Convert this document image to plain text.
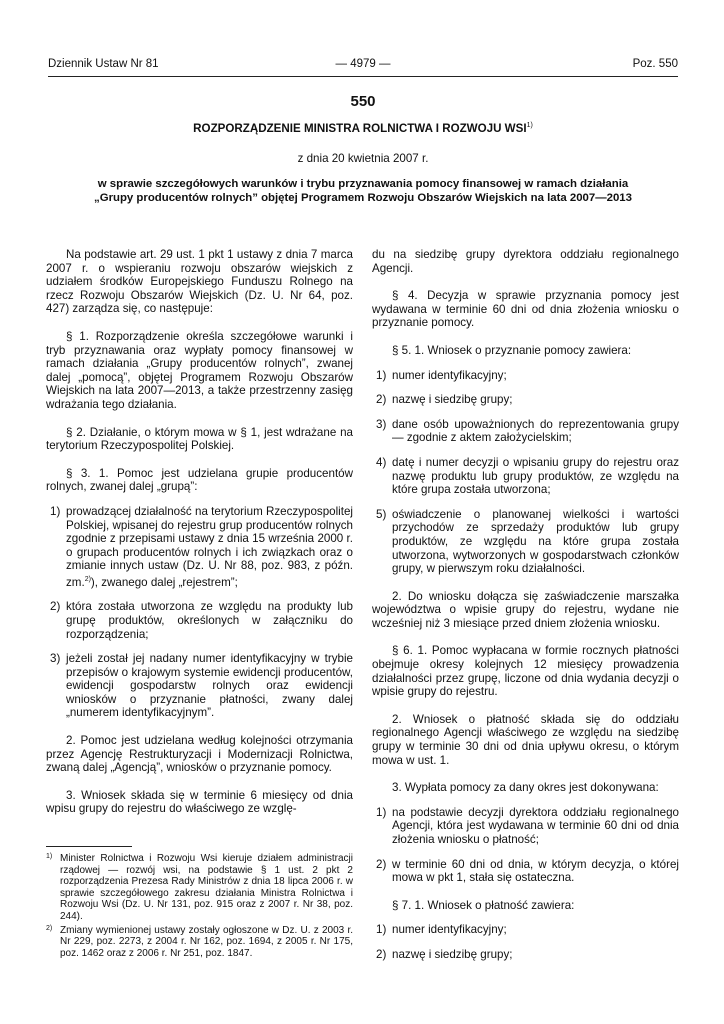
Dziennik Ustaw Nr 81	— 4979 —	Poz. 550
550
ROZPORZĄDZENIE MINISTRA ROLNICTWA I ROZWOJU WSI$^{1)}$
z dnia 20 kwietnia 2007 r.
w sprawie szczegółowych warunków i trybu przyznawania pomocy finansowej w ramach działania
„Grupy producentów rolnych” objętej Programem Rozwoju Obszarów Wiejskich na lata 2007—2013

Na podstawie art. 29 ust. 1 pkt 1 ustawy z dnia 7 marca 2007 r. o wspieraniu rozwoju obszarów wiejskich z udziałem środków Europejskiego Funduszu Rolnego na rzecz Rozwoju Obszarów Wiejskich (Dz. U. Nr 64, poz. 427) zarządza się, co następuje:

§ 1. Rozporządzenie określa szczegółowe warunki i tryb przyznawania oraz wypłaty pomocy finansowej w ramach działania „Grupy producentów rolnych”, zwanej dalej „pomocą”, objętej Programem Rozwoju Obszarów Wiejskich na lata 2007—2013, a także przestrzenny zasięg wdrażania tego działania.

§ 2. Działanie, o którym mowa w § 1, jest wdrażane na terytorium Rzeczypospolitej Polskiej.

§ 3. 1. Pomoc jest udzielana grupie producentów rolnych, zwanej dalej „grupą”:

1) prowadzącej działalność na terytorium Rzeczypospolitej Polskiej, wpisanej do rejestru grup producentów rolnych zgodnie z przepisami ustawy z dnia 15 września 2000 r. o grupach producentów rolnych i ich związkach oraz o zmianie innych ustaw (Dz. U. Nr 88, poz. 983, z późn. zm.$^{2)}$), zwanego dalej „rejestrem”;
2) która została utworzona ze względu na produkty lub grupę produktów, określonych w załączniku do rozporządzenia;
3) jeżeli został jej nadany numer identyfikacyjny w trybie przepisów o krajowym systemie ewidencji producentów, ewidencji gospodarstw rolnych oraz ewidencji wniosków o przyznanie płatności, zwany dalej „numerem identyfikacyjnym”.

2. Pomoc jest udzielana według kolejności otrzymania przez Agencję Restrukturyzacji i Modernizacji Rolnictwa, zwaną dalej „Agencją”, wniosków o przyznanie pomocy.

3. Wniosek składa się w terminie 6 miesięcy od dnia wpisu grupy do rejestru do właściwego ze wzglę-

1) Minister Rolnictwa i Rozwoju Wsi kieruje działem administracji rządowej — rozwój wsi, na podstawie § 1 ust. 2 pkt 2 rozporządzenia Prezesa Rady Ministrów z dnia 18 lipca 2006 r. w sprawie szczegółowego zakresu działania Ministra Rolnictwa i Rozwoju Wsi (Dz. U. Nr 131, poz. 915 oraz z 2007 r. Nr 38, poz. 244).
2) Zmiany wymienionej ustawy zostały ogłoszone w Dz. U. z 2003 r. Nr 229, poz. 2273, z 2004 r. Nr 162, poz. 1694, z 2005 r. Nr 175, poz. 1462 oraz z 2006 r. Nr 251, poz. 1847.

du na siedzibę grupy dyrektora oddziału regionalnego Agencji.

§ 4. Decyzja w sprawie przyznania pomocy jest wydawana w terminie 60 dni od dnia złożenia wniosku o przyznanie pomocy.

§ 5. 1. Wniosek o przyznanie pomocy zawiera:

1) numer identyfikacyjny;
2) nazwę i siedzibę grupy;
3) dane osób upoważnionych do reprezentowania grupy — zgodnie z aktem założycielskim;
4) datę i numer decyzji o wpisaniu grupy do rejestru oraz nazwę produktu lub grupy produktów, ze względu na które grupa została utworzona;
5) oświadczenie o planowanej wielkości i wartości przychodów ze sprzedaży produktów lub grupy produktów, ze względu na które grupa została utworzona, wytworzonych w gospodarstwach członków grupy, w pierwszym roku działalności.

2. Do wniosku dołącza się zaświadczenie marszałka województwa o wpisie grupy do rejestru, wydane nie wcześniej niż 3 miesiące przed dniem złożenia wniosku.

§ 6. 1. Pomoc wypłacana w formie rocznych płatności obejmuje okresy kolejnych 12 miesięcy prowadzenia działalności przez grupę, liczone od dnia wydania decyzji o wpisie grupy do rejestru.

2. Wniosek o płatność składa się do oddziału regionalnego Agencji właściwego ze względu na siedzibę grupy w terminie 30 dni od dnia upływu okresu, o którym mowa w ust. 1.

3. Wypłata pomocy za dany okres jest dokonywana:

1) na podstawie decyzji dyrektora oddziału regionalnego Agencji, która jest wydawana w terminie 60 dni od dnia złożenia wniosku o płatność;
2) w terminie 60 dni od dnia, w którym decyzja, o której mowa w pkt 1, stała się ostateczna.

§ 7. 1. Wniosek o płatność zawiera:

1) numer identyfikacyjny;
2) nazwę i siedzibę grupy;
